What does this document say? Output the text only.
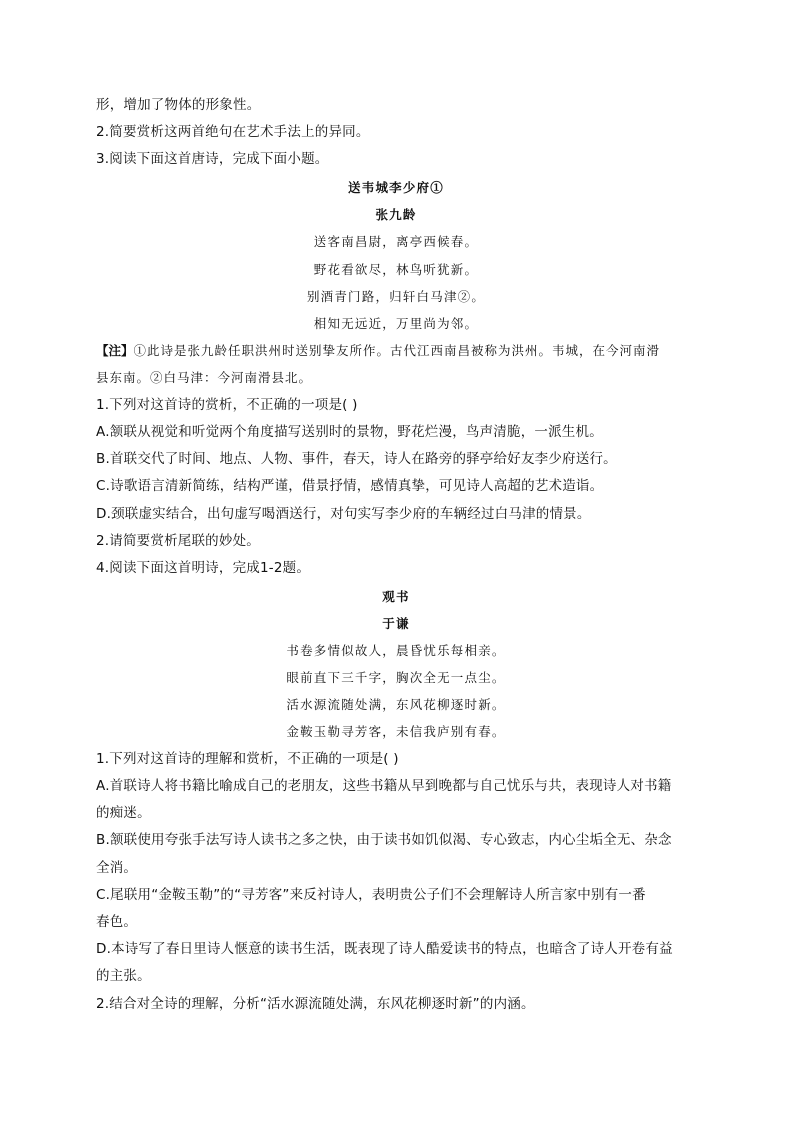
形，增加了物体的形象性。
2.简要赏析这两首绝句在艺术手法上的异同。
3.阅读下面这首唐诗，完成下面小题。
送韦城李少府①
张九龄
送客南昌尉，离亭西候春。
野花看欲尽，林鸟听犹新。
别酒青门路，归轩白马津②。
相知无远近，万里尚为邻。
【注】①此诗是张九龄任职洪州时送别挚友所作。古代江西南昌被称为洪州。韦城，在今河南滑
县东南。②白马津：今河南滑县北。
1.下列对这首诗的赏析，不正确的一项是( )
A.颔联从视觉和听觉两个角度描写送别时的景物，野花烂漫，鸟声清脆，一派生机。
B.首联交代了时间、地点、人物、事件，春天，诗人在路旁的驿亭给好友李少府送行。
C.诗歌语言清新简练，结构严谨，借景抒情，感情真挚，可见诗人高超的艺术造诣。
D.颈联虚实结合，出句虚写喝酒送行，对句实写李少府的车辆经过白马津的情景。
2.请简要赏析尾联的妙处。
4.阅读下面这首明诗，完成1-2题。
观书
于谦
书卷多情似故人，晨昏忧乐每相亲。
眼前直下三千字，胸次全无一点尘。
活水源流随处满，东风花柳逐时新。
金鞍玉勒寻芳客，未信我庐别有春。
1.下列对这首诗的理解和赏析，不正确的一项是( )
A.首联诗人将书籍比喻成自己的老朋友，这些书籍从早到晚都与自己忧乐与共，表现诗人对书籍
的痴迷。
B.颔联使用夸张手法写诗人读书之多之快，由于读书如饥似渴、专心致志，内心尘垢全无、杂念
全消。
C.尾联用“金鞍玉勒”的“寻芳客”来反衬诗人，表明贵公子们不会理解诗人所言家中别有一番
春色。
D.本诗写了春日里诗人惬意的读书生活，既表现了诗人酷爱读书的特点，也暗含了诗人开卷有益
的主张。
2.结合对全诗的理解，分析“活水源流随处满，东风花柳逐时新”的内涵。
